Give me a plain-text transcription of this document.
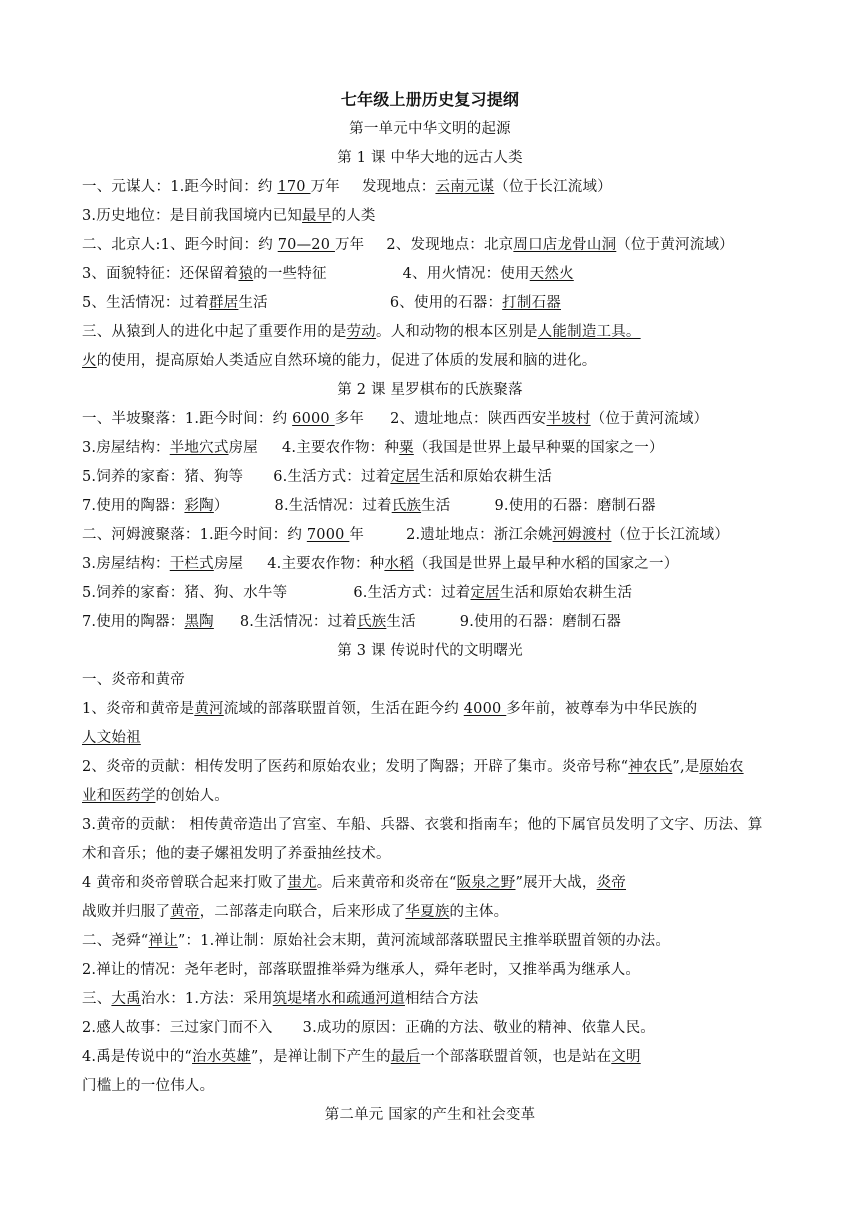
七年级上册历史复习提纲
第一单元中华文明的起源
第 1 课 中华大地的远古人类
一、元谋人：1.距今时间：约 170 万年 发现地点：云南元谋（位于长江流域）
3.历史地位：是目前我国境内已知最早的人类
二、北京人:1、距今时间：约 70—20 万年 2、发现地点：北京周口店龙骨山洞（位于黄河流域）
3、面貌特征：还保留着猿的一些特征	4、用火情况：使用天然火
5、生活情况：过着群居生活	6、使用的石器：打制石器
三、从猿到人的进化中起了重要作用的是劳动。人和动物的根本区别是人能制造工具。
火的使用，提高原始人类适应自然环境的能力，促进了体质的发展和脑的进化。
第 2 课 星罗棋布的氏族聚落
一、半坡聚落：1.距今时间：约 6000 多年 2、遗址地点：陕西西安半坡村（位于黄河流域）
3.房屋结构：半地穴式房屋 4.主要农作物：种粟（我国是世界上最早种粟的国家之一）
5.饲养的家畜：猪、狗等 6.生活方式：过着定居生活和原始农耕生活
7.使用的陶器：彩陶）	8.生活情况：过着氏族生活	9.使用的石器：磨制石器
二、河姆渡聚落：1.距今时间：约 7000 年	2.遗址地点：浙江余姚河姆渡村（位于长江流域）
3.房屋结构：干栏式房屋 4.主要农作物：种水稻（我国是世界上最早种水稻的国家之一）
5.饲养的家畜：猪、狗、水牛等	6.生活方式：过着定居生活和原始农耕生活
7.使用的陶器：黑陶 8.生活情况：过着氏族生活	9.使用的石器：磨制石器
第 3 课 传说时代的文明曙光
一、炎帝和黄帝
1、炎帝和黄帝是黄河流域的部落联盟首领，生活在距今约 4000 多年前，被尊奉为中华民族的
人文始祖
2、炎帝的贡献：相传发明了医药和原始农业；发明了陶器；开辟了集市。炎帝号称“神农氏”,是原始农
业和医药学的创始人。
3.黄帝的贡献： 相传黄帝造出了宫室、车船、兵器、衣裳和指南车；他的下属官员发明了文字、历法、算
术和音乐；他的妻子嫘祖发明了养蚕抽丝技术。
4 黄帝和炎帝曾联合起来打败了蚩尤。后来黄帝和炎帝在“阪泉之野”展开大战，炎帝
战败并归服了黄帝，二部落走向联合，后来形成了华夏族的主体。
二、尧舜“禅让”：1.禅让制：原始社会末期，黄河流域部落联盟民主推举联盟首领的办法。
2.禅让的情况：尧年老时，部落联盟推举舜为继承人，舜年老时，又推举禹为继承人。
三、大禹治水：1.方法：采用筑堤堵水和疏通河道相结合方法
2.感人故事：三过家门而不入 3.成功的原因：正确的方法、敬业的精神、依靠人民。
4.禹是传说中的“治水英雄”，是禅让制下产生的最后一个部落联盟首领，也是站在文明
门槛上的一位伟人。
第二单元 国家的产生和社会变革
